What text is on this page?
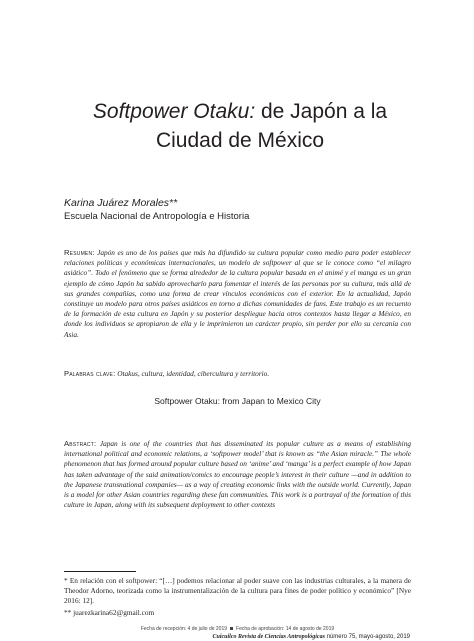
Softpower Otaku: de Japón a la Ciudad de México
Karina Juárez Morales**
Escuela Nacional de Antropología e Historia
Resumen: Japón es uno de los países que más ha difundido su cultura popular como medio para poder establecer relaciones políticas y económicas internacionales, un modelo de softpower al que se le conoce como “el milagro asiático”. Todo el fenómeno que se forma alrededor de la cultura popular basada en el animé y el manga es un gran ejemplo de cómo Japón ha sabido aprovecharlo para fomentar el interés de las personas por su cultura, más allá de sus grandes compañías, como una forma de crear vínculos económicos con el exterior. En la actualidad, Japón constituye un modelo para otros países asiáticos en torno a dichas comunidades de fans. Este trabajo es un recuento de la formación de esta cultura en Japón y su posterior despliegue hacia otros contextos hasta llegar a México, en donde los individuos se apropiaron de ella y le imprimieron un carácter propio, sin perder por ello su cercanía con Asia.
Palabras clave: Otakus, cultura, identidad, cibercultura y territorio.
Softpower Otaku: from Japan to Mexico City
Abstract: Japan is one of the countries that has disseminated its popular culture as a means of establishing international political and economic relations, a ‘softpower model’ that is known as “the Asian miracle.” The whole phenomenon that has formed around popular culture based on ‘anime’ and ‘manga’ is a perfect example of how Japan has taken advantage of the said animation/comics to encourage people’s interest in their culture —and in addition to the Japanese transnational companies— as a way of creating economic links with the outside world. Currently, Japan is a model for other Asian countries regarding these fan communities. This work is a portrayal of the formation of this culture in Japan, along with its subsequent deployment to other contexts
* En relación con el softpower: “[…] podemos relacionar al poder suave con las industrias culturales, a la manera de Theodor Adorno, teorizada como la instrumentalización de la cultura para fines de poder político y económico” [Nye 2016: 12].
** juarezkarina62@gmail.com
Fecha de recepción: 4 de julio de 2019 Fecha de aprobación: 14 de agosto de 2019
Cuicuilco Revista de Ciencias Antropológicas número 75, mayo-agosto, 2019
